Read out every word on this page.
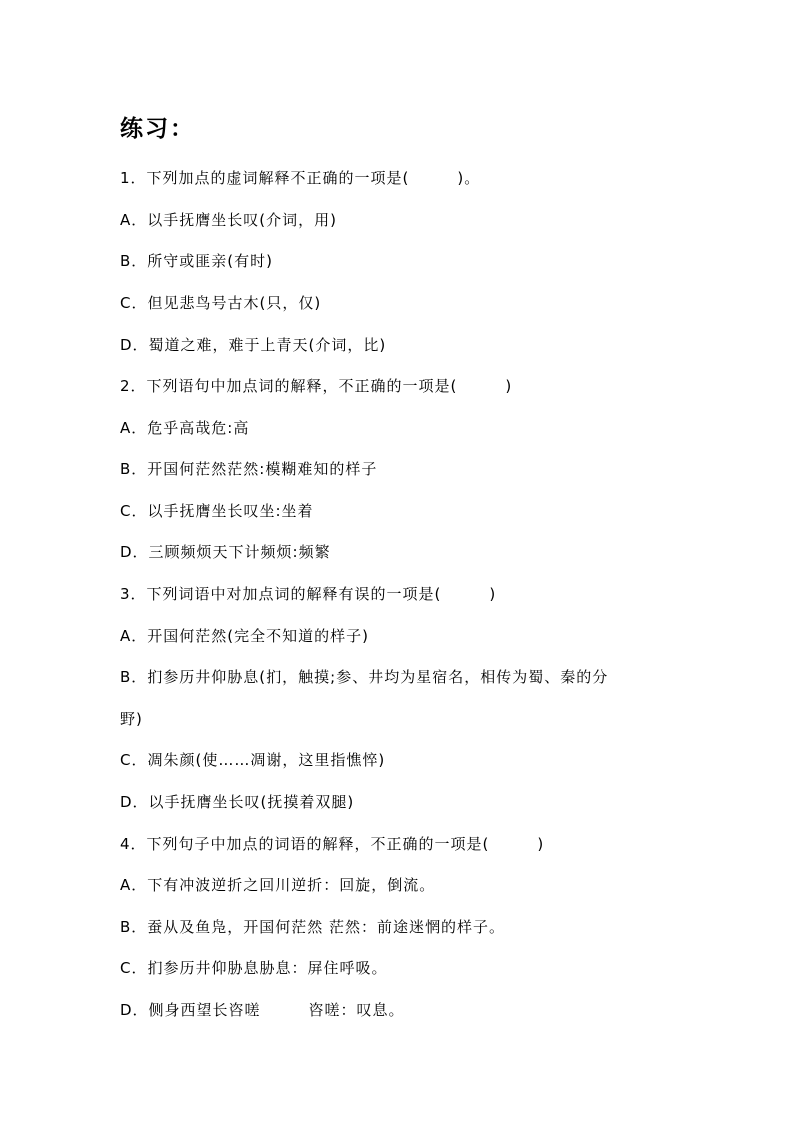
练习：
1．下列加点的虚词解释不正确的一项是(　　　)。
A．以手抚膺坐长叹(介词，用)
B．所守或匪亲(有时)
C．但见悲鸟号古木(只，仅)
D．蜀道之难，难于上青天(介词，比)
2．下列语句中加点词的解释，不正确的一项是(　　　)
A．危乎高哉危:高
B．开国何茫然茫然:模糊难知的样子
C．以手抚膺坐长叹坐:坐着
D．三顾频烦天下计频烦:频繁
3．下列词语中对加点词的解释有误的一项是(　　　)
A．开国何茫然(完全不知道的样子)
B．扪参历井仰胁息(扪，触摸;参、井均为星宿名，相传为蜀、秦的分
野)
C．凋朱颜(使……凋谢，这里指憔悴)
D．以手抚膺坐长叹(抚摸着双腿)
4．下列句子中加点的词语的解释，不正确的一项是(　　　)
A．下有冲波逆折之回川逆折：回旋，倒流。
B．蚕从及鱼凫，开国何茫然 茫然：前途迷惘的样子。
C．扪参历井仰胁息胁息：屏住呼吸。
D．侧身西望长咨嗟　　　咨嗟：叹息。
